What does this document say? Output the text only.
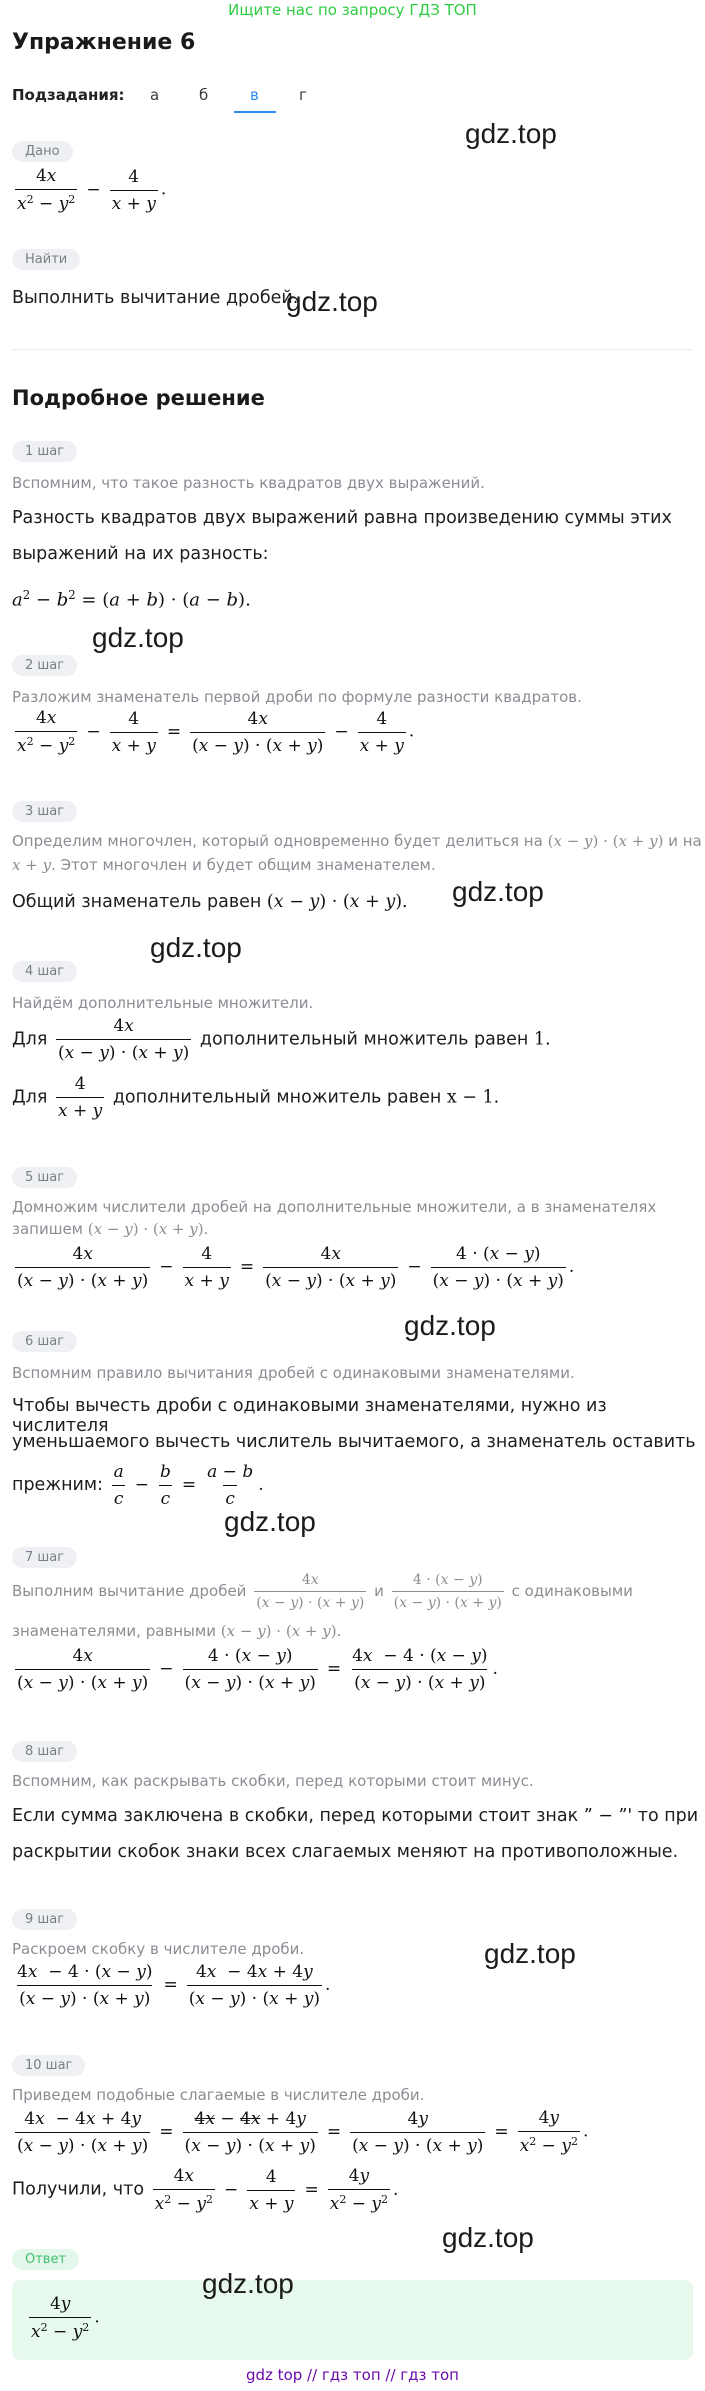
Ищите нас по запросу ГДЗ ТОП
Упражнение 6
Подзадания: а	б	в	г
Дано
$\frac{4x}{x^2 - y^2} - \frac{4}{x + y}$ .
gdz.top
Найти
Выполнить вычитание дробей.
gdz.top
Подробное решение
1 шаг
Вспомним, что такое разность квадратов двух выражений.
Разность квадратов двух выражений равна произведению суммы этих
выражений на их разность:
$a^2 - b^2 = (a + b) \cdot (a - b)$.
gdz.top
2 шаг
Разложим знаменатель первой дроби по формуле разности квадратов.
$\frac{4x}{x^2 - y^2} - \frac{4}{x + y} = \frac{4x}{(x - y) \cdot (x + y)} - \frac{4}{x + y}$ .
3 шаг
Определим многочлен, который одновременно будет делиться на (x − y) · (x + y) и на
x + y. Этот многочлен и будет общим знаменателем.
Общий знаменатель равен (x − y) · (x + y). gdz.top
gdz.top
4 шаг
Найдём дополнительные множители.
Для $\frac{4x}{(x - y) \cdot (x + y)}$ дополнительный множитель равен 1.
Для $\frac{4}{x + y}$ дополнительный множитель равен x − 1.
5 шаг
Домножим числители дробей на дополнительные множители, а в знаменателях
запишем (x − y) · (x + y).
$\frac{4x}{(x - y) \cdot (x + y)} - \frac{4}{x + y} = \frac{4x}{(x - y) \cdot (x + y)} - \frac{4 \cdot (x - y)}{(x - y) \cdot (x + y)}$ .
gdz.top
6 шаг
Вспомним правило вычитания дробей с одинаковыми знаменателями.
Чтобы вычесть дроби с одинаковыми знаменателями, нужно из числителя
уменьшаемого вычесть числитель вычитаемого, а знаменатель оставить
прежним: $\frac{a}{c} - \frac{b}{c} = \frac{a - b}{c}$ .
gdz.top
7 шаг
Выполним вычитание дробей $\frac{4x}{(x - y) \cdot (x + y)}$ и $\frac{4 \cdot (x - y)}{(x - y) \cdot (x + y)}$ с одинаковыми
знаменателями, равными (x − y) · (x + y).
$\frac{4x}{(x - y) \cdot (x + y)} - \frac{4 \cdot (x - y)}{(x - y) \cdot (x + y)} = \frac{4x - 4 \cdot (x - y)}{(x - y) \cdot (x + y)}$ .
8 шаг
Вспомним, как раскрывать скобки, перед которыми стоит минус.
Если сумма заключена в скобки, перед которыми стоит знак ” − ”' то при
раскрытии скобок знаки всех слагаемых меняют на противоположные.
9 шаг
gdz.top
Раскроем скобку в числителе дроби.
$\frac{4x - 4 \cdot (x - y)}{(x - y) \cdot (x + y)} = \frac{4x - 4x + 4y}{(x - y) \cdot (x + y)}$ .
10 шаг
Приведем подобные слагаемые в числителе дроби.
$\frac{4x - 4x + 4y}{(x - y) \cdot (x + y)} = \frac{4x - 4x + 4y}{(x - y) \cdot (x + y)} = \frac{4y}{(x - y) \cdot (x + y)} = \frac{4y}{x^2 - y^2}$ .
Получили, что $\frac{4x}{x^2 - y^2} - \frac{4}{x + y} = \frac{4y}{x^2 - y^2}$ .
gdz.top
Ответ
$\frac{4y}{x^2 - y^2}$ .
gdz.top
gdz top // гдз топ // гдз топ
